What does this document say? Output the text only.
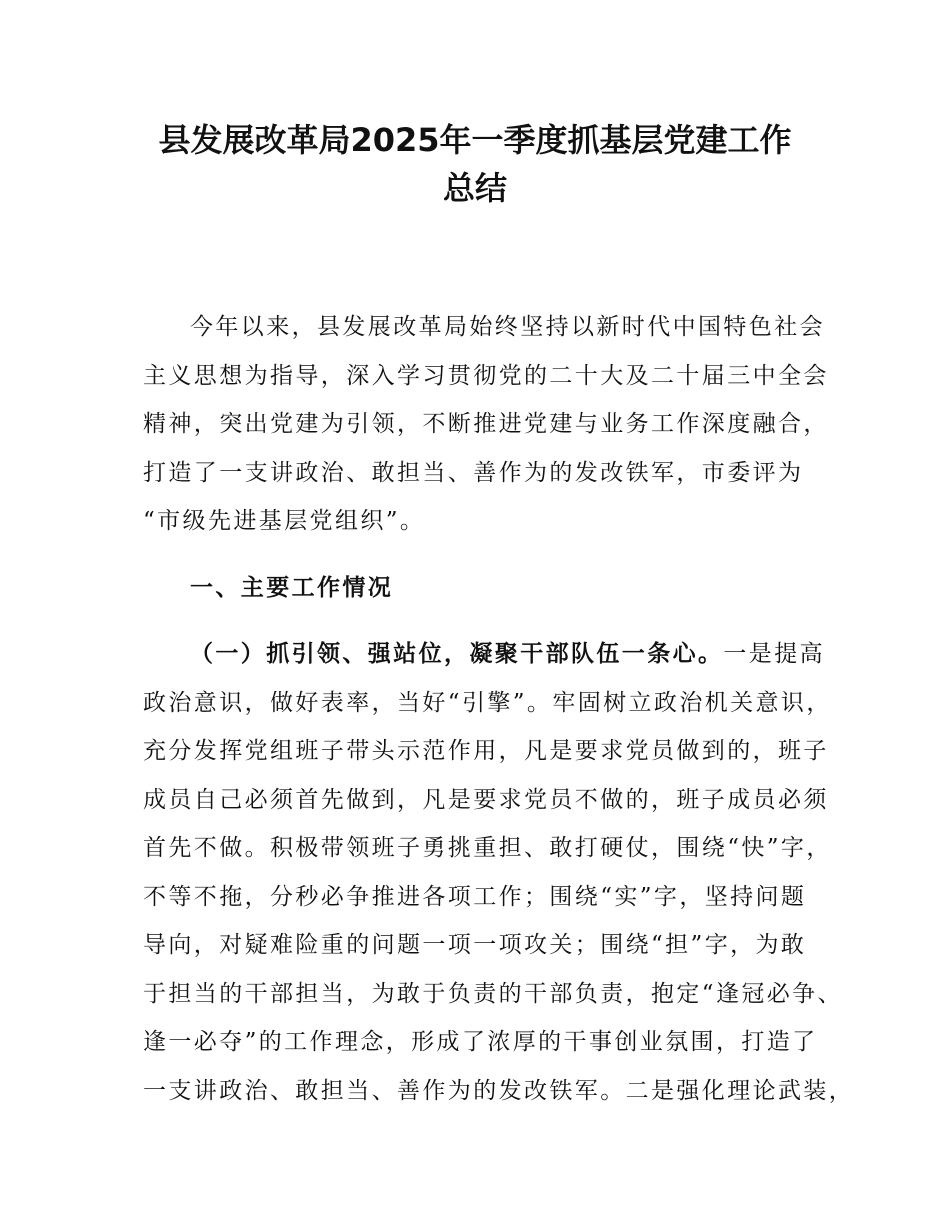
县发展改革局2025年一季度抓基层党建工作
总结
今年以来，县发展改革局始终坚持以新时代中国特色社会
主义思想为指导，深入学习贯彻党的二十大及二十届三中全会
精神，突出党建为引领，不断推进党建与业务工作深度融合，
打造了一支讲政治、敢担当、善作为的发改铁军，市委评为
“市级先进基层党组织”。
一、主要工作情况
（一）抓引领、强站位，凝聚干部队伍一条心。一是提高
政治意识，做好表率，当好“引擎”。牢固树立政治机关意识，
充分发挥党组班子带头示范作用，凡是要求党员做到的，班子
成员自己必须首先做到，凡是要求党员不做的，班子成员必须
首先不做。积极带领班子勇挑重担、敢打硬仗，围绕“快”字，
不等不拖，分秒必争推进各项工作；围绕“实”字，坚持问题
导向，对疑难险重的问题一项一项攻关；围绕“担”字，为敢
于担当的干部担当，为敢于负责的干部负责，抱定“逢冠必争、
逢一必夺”的工作理念，形成了浓厚的干事创业氛围，打造了
一支讲政治、敢担当、善作为的发改铁军。二是强化理论武装，
